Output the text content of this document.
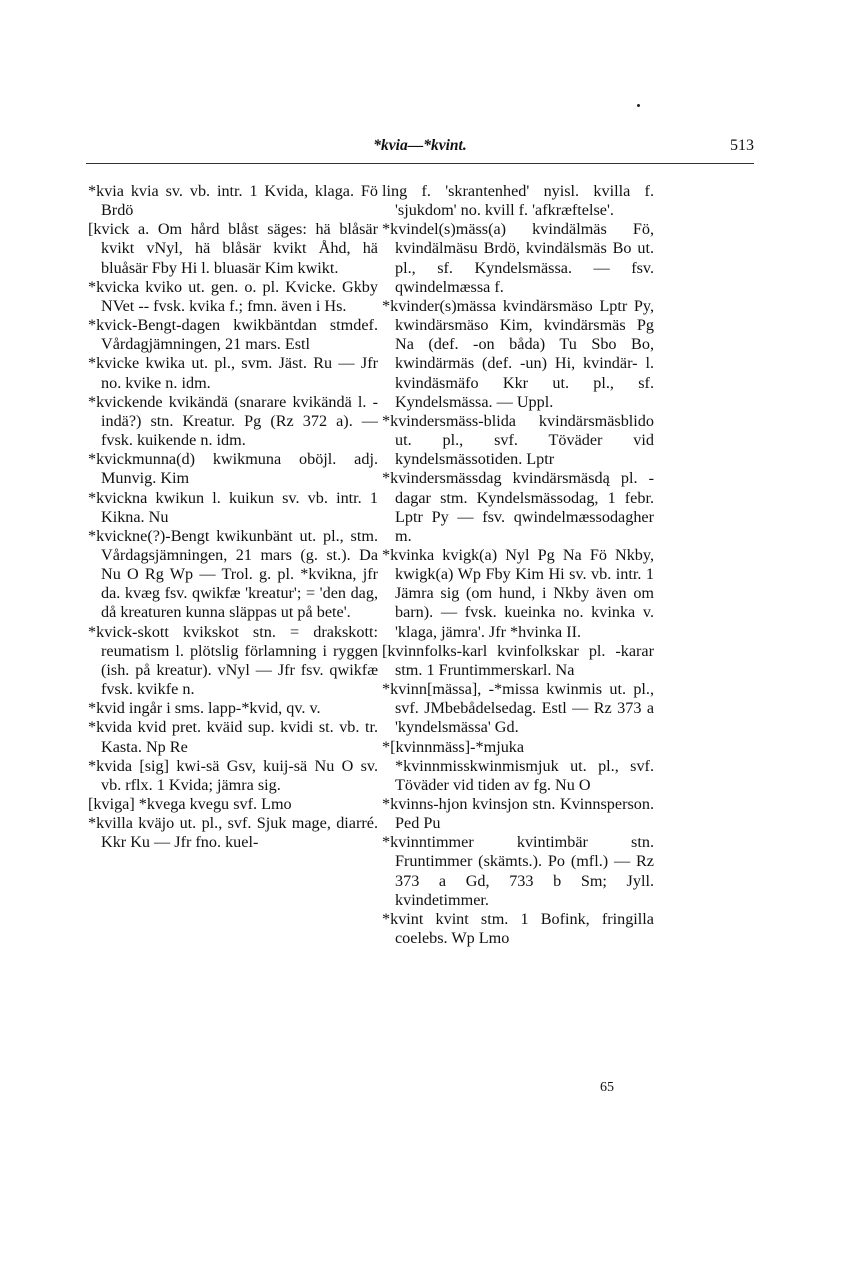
*kvia—*kvint.	513

*kvia kvia sv. vb. intr. 1 Kvida, klaga. Fö Brdö

[kvick a. Om hård blåst säges: hä blåsär kvikt vNyl, hä blåsär kvikt Åhd, hä bluåsär Fby Hi l. bluasär Kim kwikt.

*kvicka kviko ut. gen. o. pl. Kvicke. Gkby NVet -- fvsk. kvika f.; fmn. även i Hs.

*kvick-Bengt-dagen kwikbäntdan stmdef. Vårdagjämningen, 21 mars. Estl

*kvicke kwika ut. pl., svm. Jäst. Ru — Jfr no. kvike n. idm.

*kvickende kvikändä (snarare kvikändä l. -indä?) stn. Kreatur. Pg (Rz 372 a). — fvsk. kuikende n. idm.

*kvickmunna(d) kwikmuna oböjl. adj. Munvig. Kim

*kvickna kwikun l. kuikun sv. vb. intr. 1 Kikna. Nu

*kvickne(?)-Bengt kwikunbänt ut. pl., stm. Vårdagsjämningen, 21 mars (g. st.). Da Nu O Rg Wp — Trol. g. pl. *kvikna, jfr da. kvæg fsv. qwikfæ 'kreatur'; = 'den dag, då kreaturen kunna släppas ut på bete'.

*kvick-skott kvikskot stn. = drakskott: reumatism l. plötslig förlamning i ryggen (ish. på kreatur). vNyl — Jfr fsv. qwikfæ fvsk. kvikfe n.

*kvid ingår i sms. lapp-*kvid, qv. v.

*kvida kvid pret. kväid sup. kvidi st. vb. tr. Kasta. Np Re

*kvida [sig] kwi-sä Gsv, kuij-sä Nu O sv. vb. rflx. 1 Kvida; jämra sig.

[kviga] *kvega kvegu svf. Lmo

*kvilla kväjo ut. pl., svf. Sjuk mage, diarré. Kkr Ku — Jfr fno. kuel-

ling f. 'skrantenhed' nyisl. kvilla f. 'sjukdom' no. kvill f. 'afkræftelse'.

*kvindel(s)mäss(a) kvindälmäs Fö, kvindälmäsu Brdö, kvindälsmäs Bo ut. pl., sf. Kyndelsmässa. — fsv. qwindelmæssa f.

*kvinder(s)mässa kvindärsmäso Lptr Py, kwindärsmäso Kim, kvindärsmäs Pg Na (def. -on båda) Tu Sbo Bo, kwindärmäs (def. -un) Hi, kvindär- l. kvindäsmäfo Kkr ut. pl., sf. Kyndelsmässa. — Uppl.

*kvindersmäss-blida kvindärsmäsblido ut. pl., svf. Töväder vid kyndelsmässotiden. Lptr

*kvindersmässdag kvindärsmäsdą pl. -dagar stm. Kyndelsmässodag, 1 febr. Lptr Py — fsv. qwindelmæssodagher m.

*kvinka kvigk(a) Nyl Pg Na Fö Nkby, kwigk(a) Wp Fby Kim Hi sv. vb. intr. 1 Jämra sig (om hund, i Nkby även om barn). — fvsk. kueinka no. kvinka v. 'klaga, jämra'. Jfr *hvinka II.

[kvinnfolks-karl kvinfolkskar pl. -karar stm. 1 Fruntimmerskarl. Na

*kvinn[mässa], -*missa kwinmis ut. pl., svf. JMbebådelsedag. Estl — Rz 373 a 'kyndelsmässa' Gd.

*[kvinnmäss]-*mjuka *kvinnmisskwinmismjuk ut. pl., svf. Töväder vid tiden av fg. Nu O

*kvinns-hjon kvinsjon stn. Kvinnsperson. Ped Pu

*kvinntimmer kvintimbär stn. Fruntimmer (skämts.). Po (mfl.) — Rz 373 a Gd, 733 b Sm; Jyll. kvindetimmer.

*kvint kvint stm. 1 Bofink, fringilla coelebs. Wp Lmo

65
